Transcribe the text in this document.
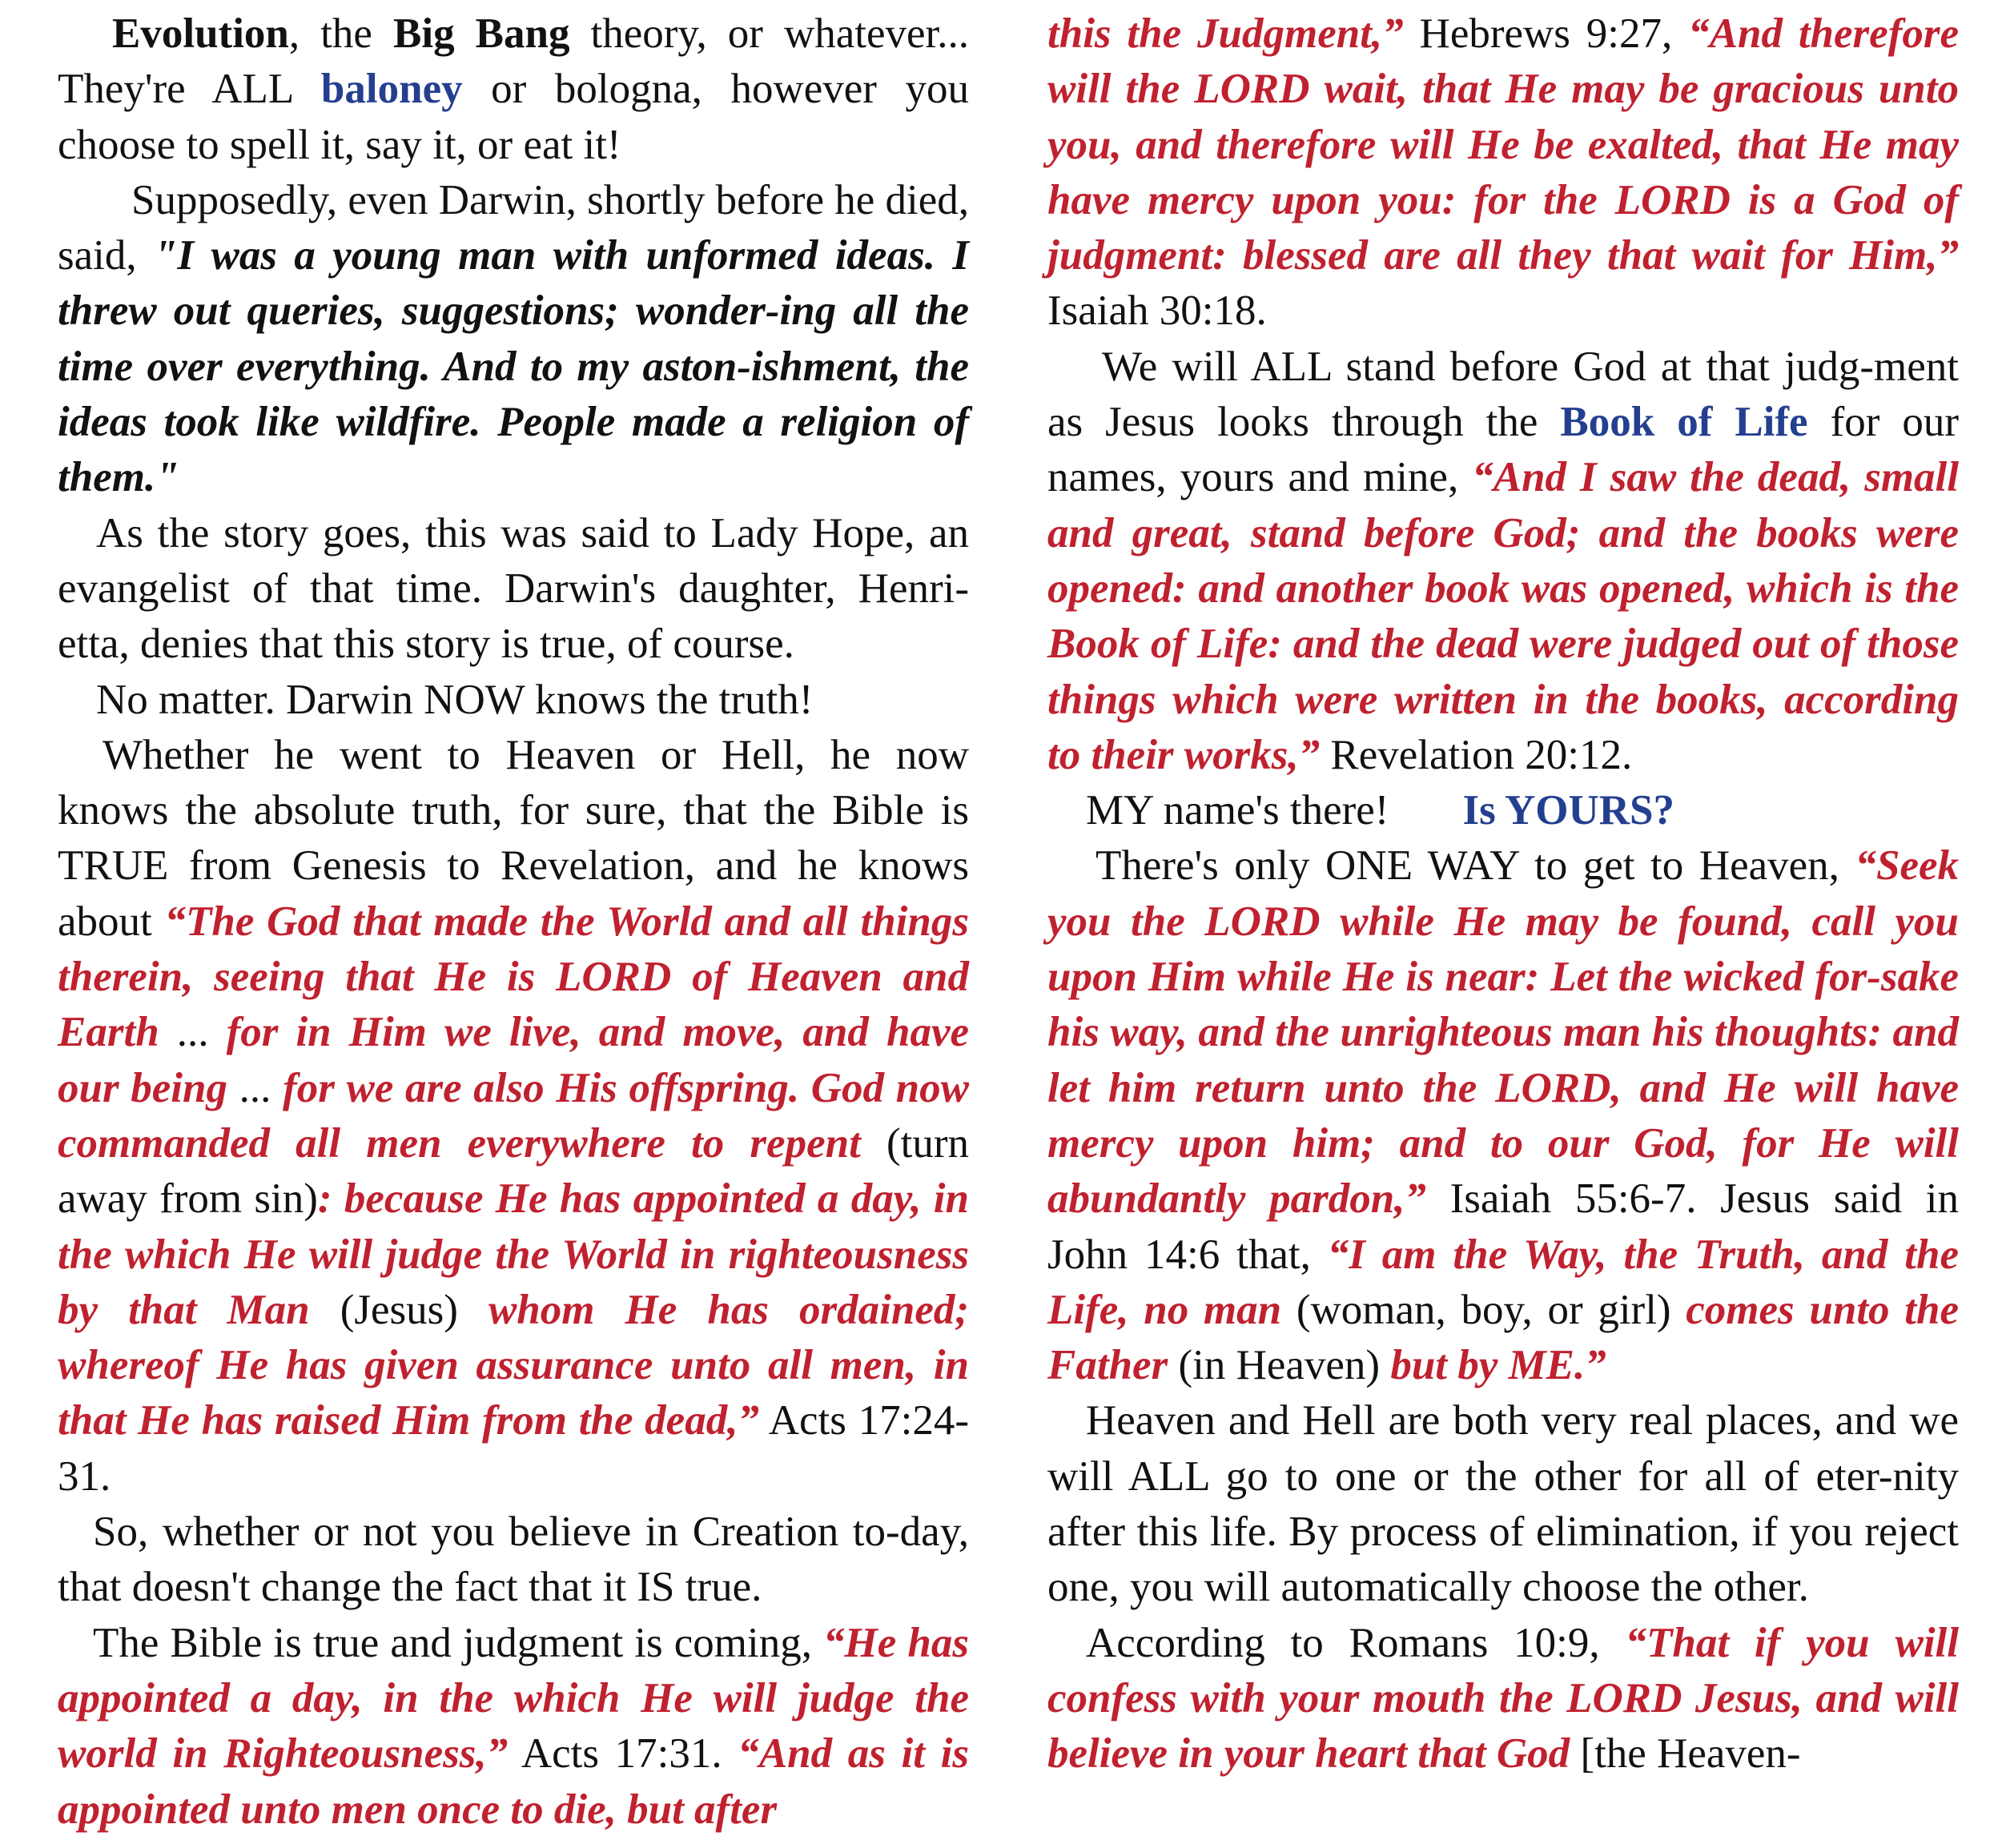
Evolution, the Big Bang theory, or whatever... They're ALL baloney or bologna, however you choose to spell it, say it, or eat it!

Supposedly, even Darwin, shortly before he died, said, "I was a young man with unformed ideas. I threw out queries, suggestions; wonder-ing all the time over everything. And to my aston-ishment, the ideas took like wildfire. People made a religion of them."

As the story goes, this was said to Lady Hope, an evangelist of that time. Darwin's daughter, Henri-etta, denies that this story is true, of course.

No matter. Darwin NOW knows the truth!

Whether he went to Heaven or Hell, he now knows the absolute truth, for sure, that the Bible is TRUE from Genesis to Revelation, and he knows about “The God that made the World and all things therein, seeing that He is LORD of Heaven and Earth ... for in Him we live, and move, and have our being ... for we are also His offspring. God now commanded all men everywhere to repent (turn away from sin): because He has appointed a day, in the which He will judge the World in righteousness by that Man (Jesus) whom He has ordained; whereof He has given assurance unto all men, in that He has raised Him from the dead,” Acts 17:24-31.

So, whether or not you believe in Creation to-day, that doesn't change the fact that it IS true.

The Bible is true and judgment is coming, “He has appointed a day, in the which He will judge the world in Righteousness,” Acts 17:31. “And as it is appointed unto men once to die, but after

this the Judgment,” Hebrews 9:27, “And therefore will the LORD wait, that He may be gracious unto you, and therefore will He be exalted, that He may have mercy upon you: for the LORD is a God of judgment: blessed are all they that wait for Him,” Isaiah 30:18.

We will ALL stand before God at that judg-ment as Jesus looks through the Book of Life for our names, yours and mine, “And I saw the dead, small and great, stand before God; and the books were opened: and another book was opened, which is the Book of Life: and the dead were judged out of those things which were written in the books, according to their works,” Revelation 20:12.

MY name's there! Is YOURS?

There's only ONE WAY to get to Heaven, “Seek you the LORD while He may be found, call you upon Him while He is near: Let the wicked for-sake his way, and the unrighteous man his thoughts: and let him return unto the LORD, and He will have mercy upon him; and to our God, for He will abundantly pardon,” Isaiah 55:6-7. Jesus said in John 14:6 that, “I am the Way, the Truth, and the Life, no man (woman, boy, or girl) comes unto the Father (in Heaven) but by ME.”

Heaven and Hell are both very real places, and we will ALL go to one or the other for all of eter-nity after this life. By process of elimination, if you reject one, you will automatically choose the other.

According to Romans 10:9, “That if you will confess with your mouth the LORD Jesus, and will believe in your heart that God [the Heaven-
